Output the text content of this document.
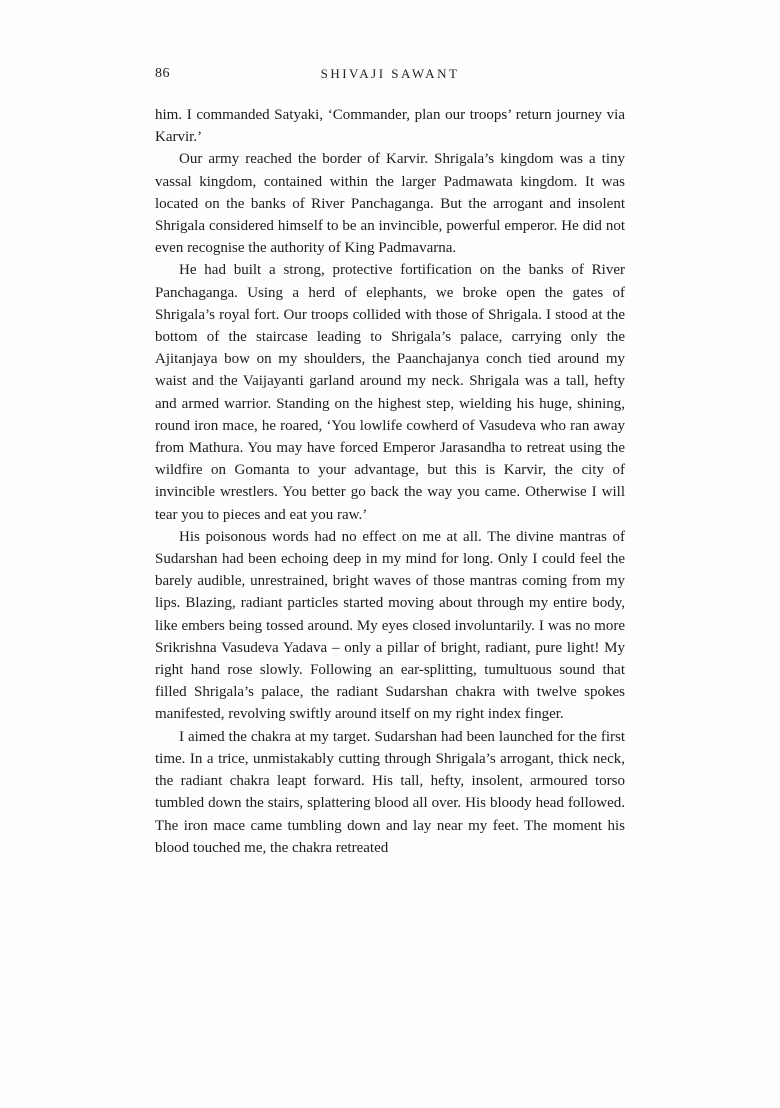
86	SHIVAJI SAWANT

him. I commanded Satyaki, ‘Commander, plan our troops’ return journey via Karvir.’

Our army reached the border of Karvir. Shrigala’s kingdom was a tiny vassal kingdom, contained within the larger Padmawata kingdom. It was located on the banks of River Panchaganga. But the arrogant and insolent Shrigala considered himself to be an invincible, powerful emperor. He did not even recognise the authority of King Padmavarna.

He had built a strong, protective fortification on the banks of River Panchaganga. Using a herd of elephants, we broke open the gates of Shrigala’s royal fort. Our troops collided with those of Shrigala. I stood at the bottom of the staircase leading to Shrigala’s palace, carrying only the Ajitanjaya bow on my shoulders, the Paanchajanya conch tied around my waist and the Vaijayanti garland around my neck. Shrigala was a tall, hefty and armed warrior. Standing on the highest step, wielding his huge, shining, round iron mace, he roared, ‘You lowlife cowherd of Vasudeva who ran away from Mathura. You may have forced Emperor Jarasandha to retreat using the wildfire on Gomanta to your advantage, but this is Karvir, the city of invincible wrestlers. You better go back the way you came. Otherwise I will tear you to pieces and eat you raw.’

His poisonous words had no effect on me at all. The divine mantras of Sudarshan had been echoing deep in my mind for long. Only I could feel the barely audible, unrestrained, bright waves of those mantras coming from my lips. Blazing, radiant particles started moving about through my entire body, like embers being tossed around. My eyes closed involuntarily. I was no more Srikrishna Vasudeva Yadava – only a pillar of bright, radiant, pure light! My right hand rose slowly. Following an ear-splitting, tumultuous sound that filled Shrigala’s palace, the radiant Sudarshan chakra with twelve spokes manifested, revolving swiftly around itself on my right index finger.

I aimed the chakra at my target. Sudarshan had been launched for the first time. In a trice, unmistakably cutting through Shrigala’s arrogant, thick neck, the radiant chakra leapt forward. His tall, hefty, insolent, armoured torso tumbled down the stairs, splattering blood all over. His bloody head followed. The iron mace came tumbling down and lay near my feet. The moment his blood touched me, the chakra retreated
